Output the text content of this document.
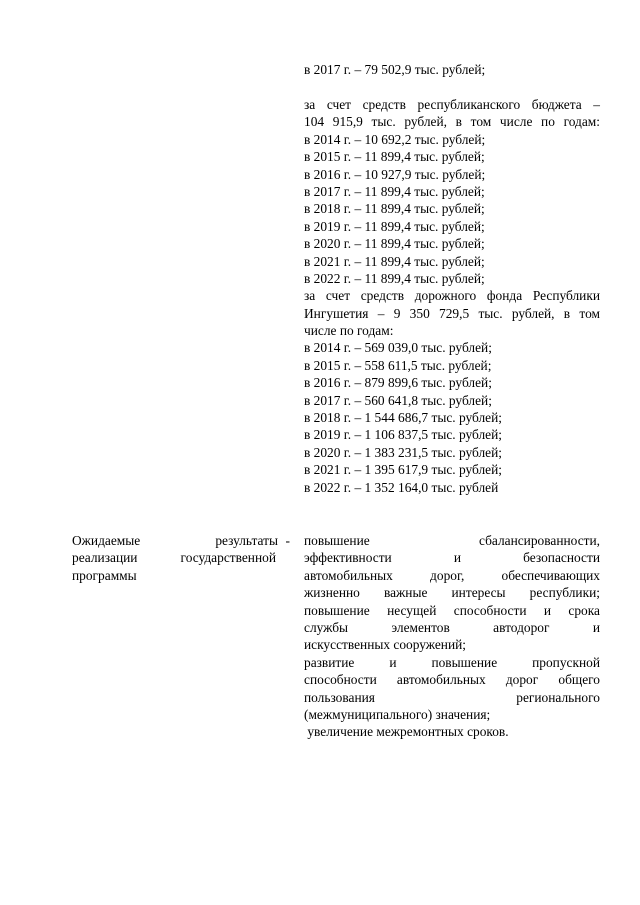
в 2017 г. – 79 502,9 тыс. рублей;
за счет средств республиканского бюджета –
104 915,9 тыс. рублей, в том числе по годам:
в 2014 г. – 10 692,2 тыс. рублей;
в 2015 г. – 11 899,4 тыс. рублей;
в 2016 г. – 10 927,9 тыс. рублей;
в 2017 г. – 11 899,4 тыс. рублей;
в 2018 г. – 11 899,4 тыс. рублей;
в 2019 г. – 11 899,4 тыс. рублей;
в 2020 г. – 11 899,4 тыс. рублей;
в 2021 г. – 11 899,4 тыс. рублей;
в 2022 г. – 11 899,4 тыс. рублей;
за счет средств дорожного фонда Республики
Ингушетия – 9 350 729,5 тыс. рублей, в том
числе по годам:
в 2014 г. – 569 039,0 тыс. рублей;
в 2015 г. – 558 611,5 тыс. рублей;
в 2016 г. – 879 899,6 тыс. рублей;
в 2017 г. – 560 641,8 тыс. рублей;
в 2018 г. – 1 544 686,7 тыс. рублей;
в 2019 г. – 1 106 837,5 тыс. рублей;
в 2020 г. – 1 383 231,5 тыс. рублей;
в 2021 г. – 1 395 617,9 тыс. рублей;
в 2022 г. – 1 352 164,0 тыс. рублей
Ожидаемые результаты -
реализации государственной
программы
повышение сбалансированности,
эффективности и безопасности
автомобильных дорог, обеспечивающих
жизненно важные интересы республики;
повышение несущей способности и срока
службы элементов автодорог и
искусственных сооружений;
развитие и повышение пропускной
способности автомобильных дорог общего
пользования регионального
(межмуниципального) значения;
увеличение межремонтных сроков.
